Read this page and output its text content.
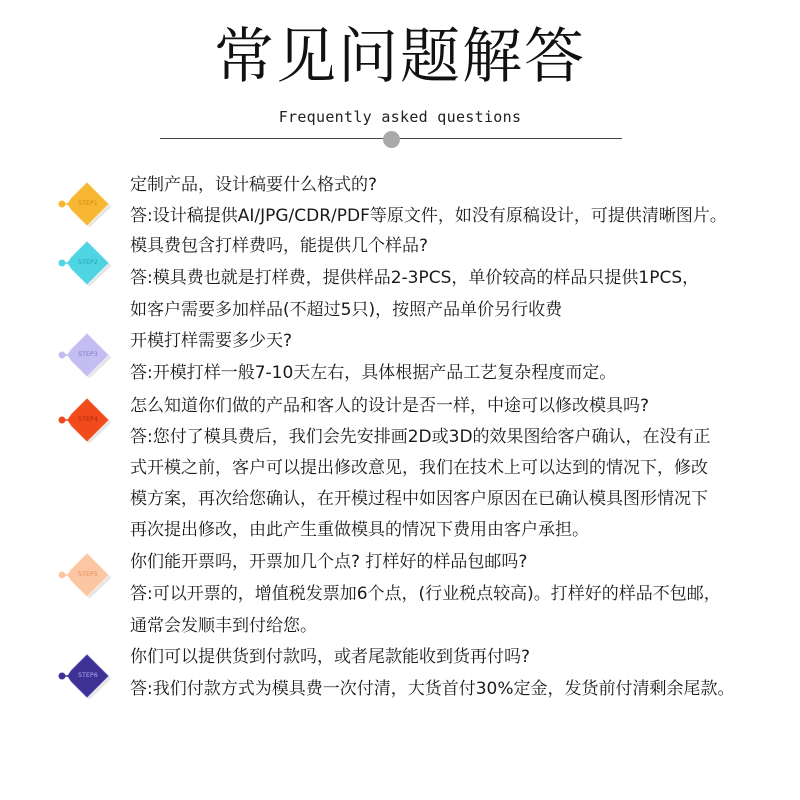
常见问题解答
Frequently asked questions
STEP1
定制产品，设计稿要什么格式的?
答:设计稿提供AI/JPG/CDR/PDF等原文件，如没有原稿设计，可提供清晰图片。
STEP2
模具费包含打样费吗，能提供几个样品?
答:模具费也就是打样费，提供样品2-3PCS，单价较高的样品只提供1PCS，
如客户需要多加样品(不超过5只)，按照产品单价另行收费
STEP3
开模打样需要多少天?
答:开模打样一般7-10天左右，具体根据产品工艺复杂程度而定。
STEP4
怎么知道你们做的产品和客人的设计是否一样，中途可以修改模具吗?
答:您付了模具费后，我们会先安排画2D或3D的效果图给客户确认，在没有正
式开模之前，客户可以提出修改意见，我们在技术上可以达到的情况下，修改
模方案，再次给您确认，在开模过程中如因客户原因在已确认模具图形情况下
再次提出修改，由此产生重做模具的情况下费用由客户承担。
STEP5
你们能开票吗，开票加几个点? 打样好的样品包邮吗?
答:可以开票的，增值税发票加6个点，(行业税点较高)。打样好的样品不包邮，
通常会发顺丰到付给您。
STEP6
你们可以提供货到付款吗，或者尾款能收到货再付吗?
答:我们付款方式为模具费一次付清，大货首付30%定金，发货前付清剩余尾款。
